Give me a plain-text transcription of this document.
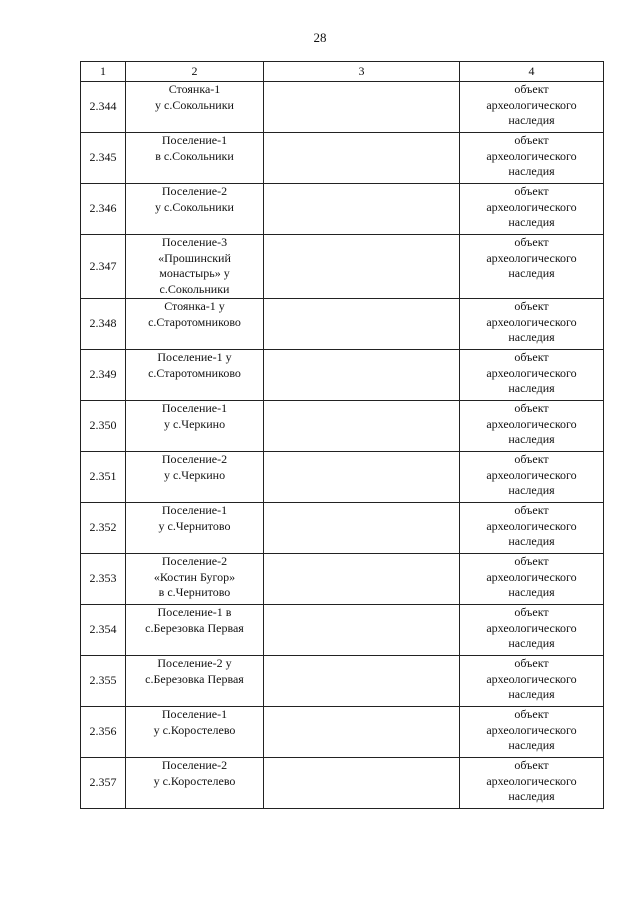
28
1	2	3	4
2.344	Стоянка-1
у с.Сокольники		объект
археологического
наследия

2.345	Поселение-1
в с.Сокольники		объект
археологического
наследия

2.346	Поселение-2
у с.Сокольники		объект
археологического
наследия

2.347	Поселение-3
«Прошинский
монастырь» у
с.Сокольники		объект
археологического
наследия

2.348	Стоянка-1 у
с.Старотомниково		объект
археологического
наследия

2.349	Поселение-1 у
с.Старотомниково		объект
археологического
наследия

2.350	Поселение-1
у с.Черкино		объект
археологического
наследия

2.351	Поселение-2
у с.Черкино		объект
археологического
наследия

2.352	Поселение-1
у с.Чернитово		объект
археологического
наследия

2.353	Поселение-2
«Костин Бугор»
в с.Чернитово		объект
археологического
наследия

2.354	Поселение-1 в
с.Березовка Первая		объект
археологического
наследия

2.355	Поселение-2 у
с.Березовка Первая		объект
археологического
наследия

2.356	Поселение-1
у с.Коростелево		объект
археологического
наследия

2.357	Поселение-2
у с.Коростелево		объект
археологического
наследия
